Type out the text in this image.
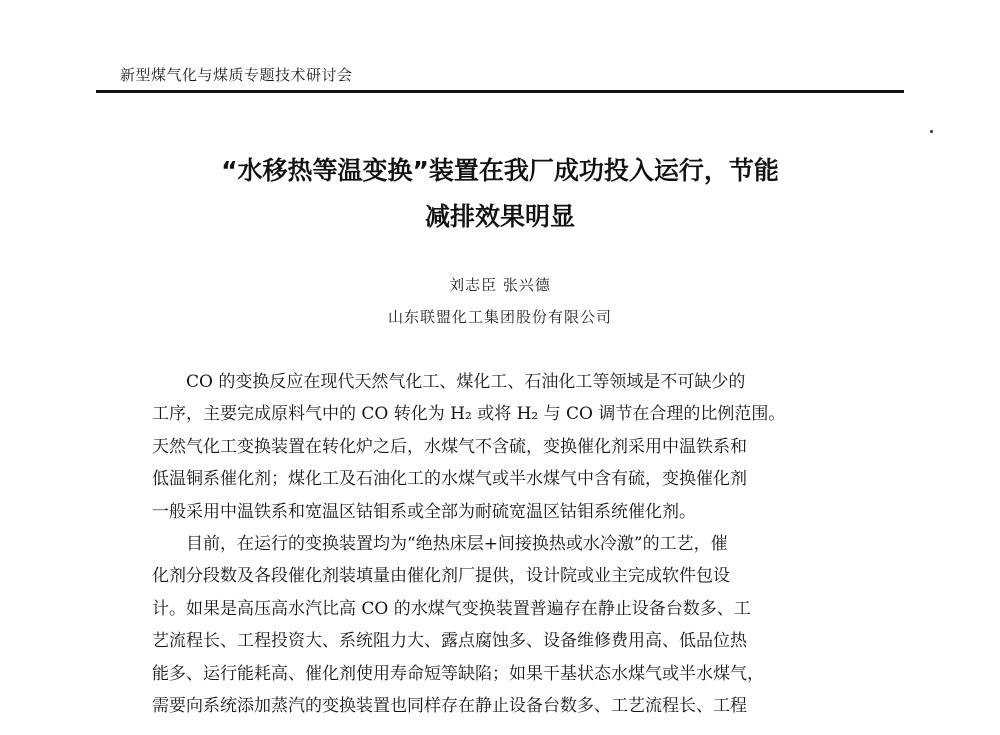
新型煤气化与煤质专题技术研讨会
“水移热等温变换”装置在我厂成功投入运行，节能
减排效果明显
刘志臣 张兴德
山东联盟化工集团股份有限公司
CO 的变换反应在现代天然气化工、煤化工、石油化工等领域是不可缺少的
工序，主要完成原料气中的 CO 转化为 H₂ 或将 H₂ 与 CO 调节在合理的比例范围。
天然气化工变换装置在转化炉之后，水煤气不含硫，变换催化剂采用中温铁系和
低温铜系催化剂；煤化工及石油化工的水煤气或半水煤气中含有硫，变换催化剂
一般采用中温铁系和宽温区钴钼系或全部为耐硫宽温区钴钼系统催化剂。
目前，在运行的变换装置均为“绝热床层+间接换热或水冷激”的工艺，催
化剂分段数及各段催化剂装填量由催化剂厂提供，设计院或业主完成软件包设
计。如果是高压高水汽比高 CO 的水煤气变换装置普遍存在静止设备台数多、工
艺流程长、工程投资大、系统阻力大、露点腐蚀多、设备维修费用高、低品位热
能多、运行能耗高、催化剂使用寿命短等缺陷；如果干基状态水煤气或半水煤气，
需要向系统添加蒸汽的变换装置也同样存在静止设备台数多、工艺流程长、工程
